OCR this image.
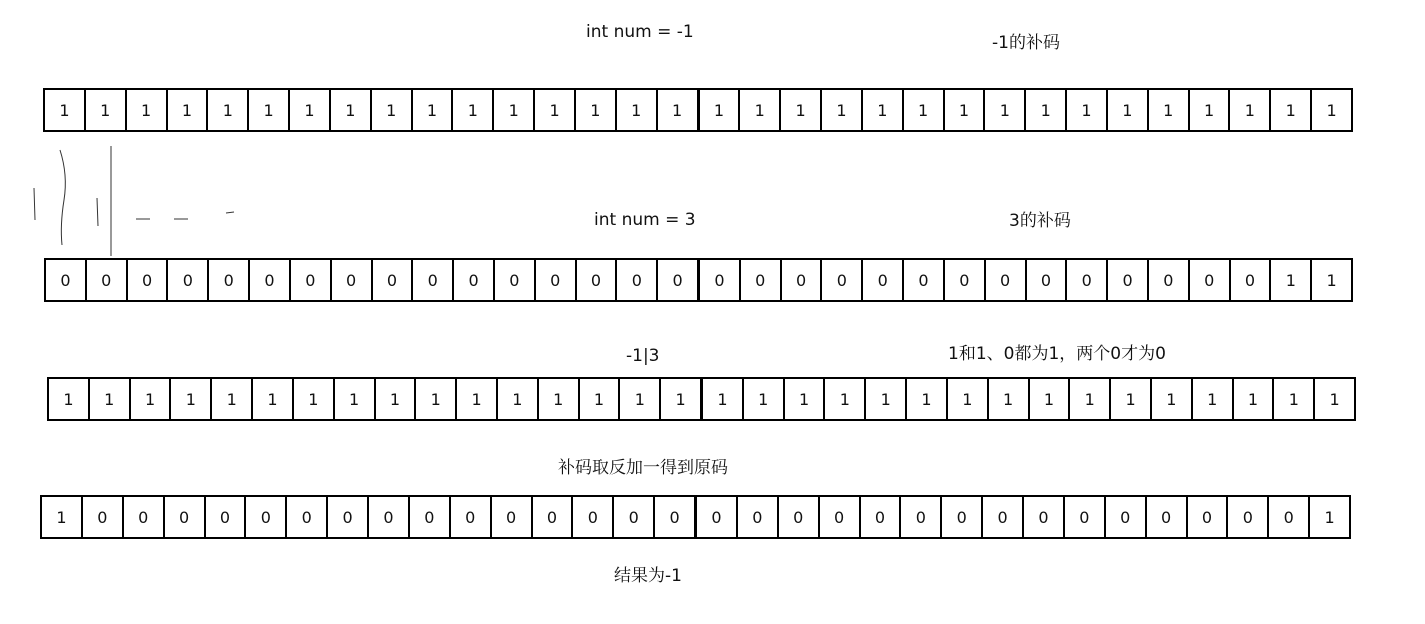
int num = -1
-1的补码
1	1	1	1	1	1	1	1	1	1	1	1	1	1	1	1	1	1	1	1	1	1	1	1	1	1	1	1	1	1	1	1
int num = 3	3的补码
0	0	0	0	0	0	0	0	0	0	0	0	0	0	0	0	0	0	0	0	0	0	0	0	0	0	0	0	0	0	1	1
-1|3	1和1、0都为1，两个0才为0
1	1	1	1	1	1	1	1	1	1	1	1	1	1	1	1	1	1	1	1	1	1	1	1	1	1	1	1	1	1	1	1
补码取反加一得到原码
1	0	0	0	0	0	0	0	0	0	0	0	0	0	0	0	0	0	0	0	0	0	0	0	0	0	0	0	0	0	0	1
结果为-1
